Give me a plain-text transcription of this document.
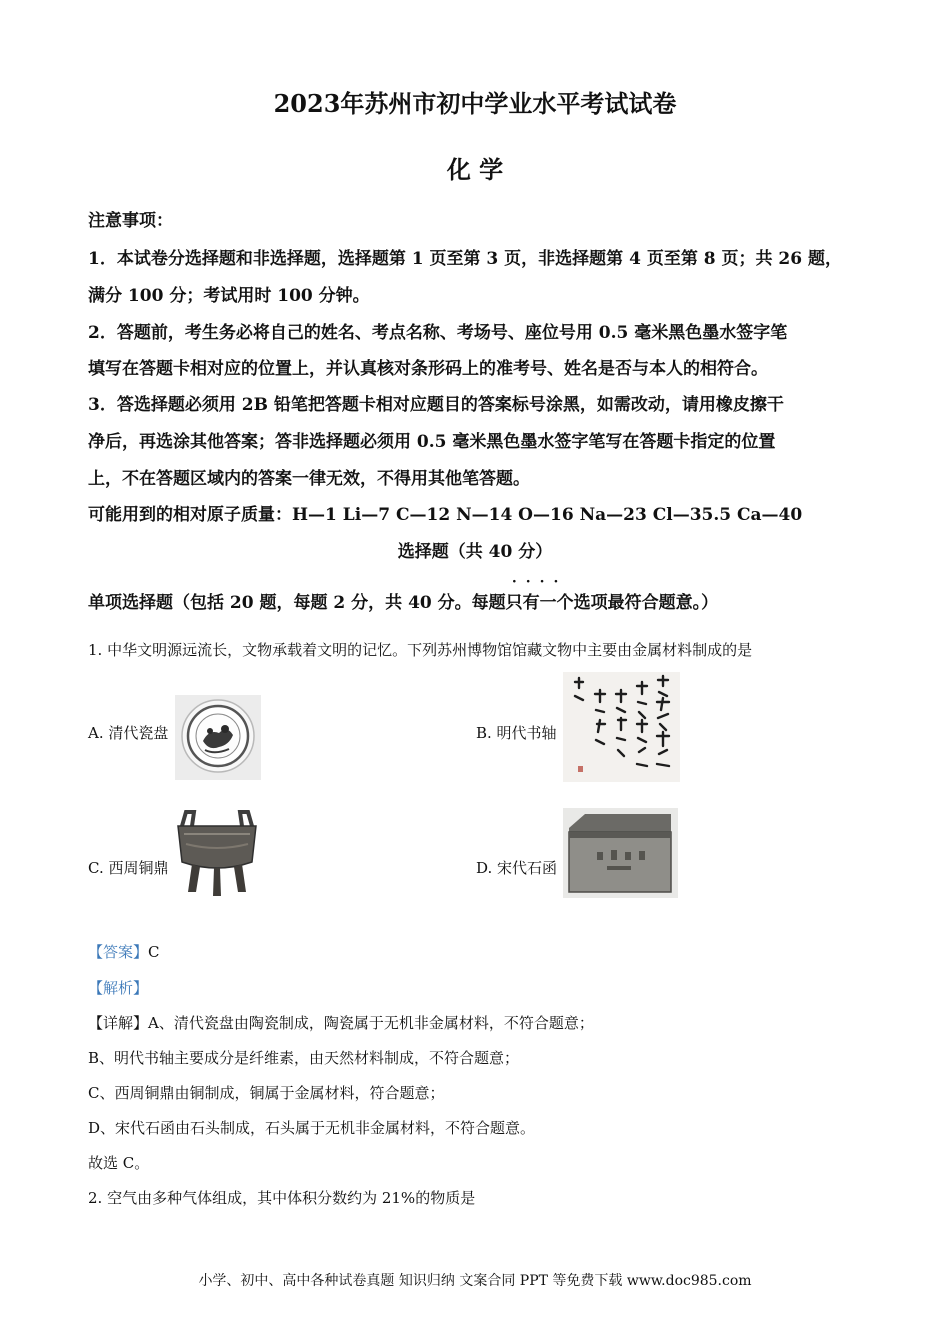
2023年苏州市初中学业水平考试试卷
化 学
注意事项：
1．本试卷分选择题和非选择题，选择题第 1 页至第 3 页，非选择题第 4 页至第 8 页；共 26 题，
满分 100 分；考试用时 100 分钟。
2．答题前，考生务必将自己的姓名、考点名称、考场号、座位号用 0.5 毫米黑色墨水签字笔
填写在答题卡相对应的位置上，并认真核对条形码上的准考号、姓名是否与本人的相符合。
3．答选择题必须用 2B 铅笔把答题卡相对应题目的答案标号涂黑，如需改动，请用橡皮擦干
净后，再选涂其他答案；答非选择题必须用 0.5 毫米黑色墨水签字笔写在答题卡指定的位置
上，不在答题区域内的答案一律无效，不得用其他笔答题。
可能用到的相对原子质量：H—1 Li—7 C—12 N—14 O—16 Na—23 Cl—35.5 Ca—40
选择题（共 40 分）
单项选择题（包括 20 题，每题 2 分，共 40 分。每题只有一个
····
选项最符合题意。）
1. 中华文明源远流长，文物承载着文明的记忆。下列苏州博物馆馆藏文物中主要由金属材料制成的是
A. 清代瓷盘	B. 明代书轴
C. 西周铜鼎	D. 宋代石函
【答案】C
【解析】
【详解】A、清代瓷盘由陶瓷制成，陶瓷属于无机非金属材料，不符合题意；
B、明代书轴主要成分是纤维素，由天然材料制成，不符合题意；
C、西周铜鼎由铜制成，铜属于金属材料，符合题意；
D、宋代石函由石头制成，石头属于无机非金属材料，不符合题意。
故选 C。
2. 空气由多种气体组成，其中体积分数约为 21%的物质是
小学、初中、高中各种试卷真题 知识归纳 文案合同 PPT 等免费下载 www.doc985.com
